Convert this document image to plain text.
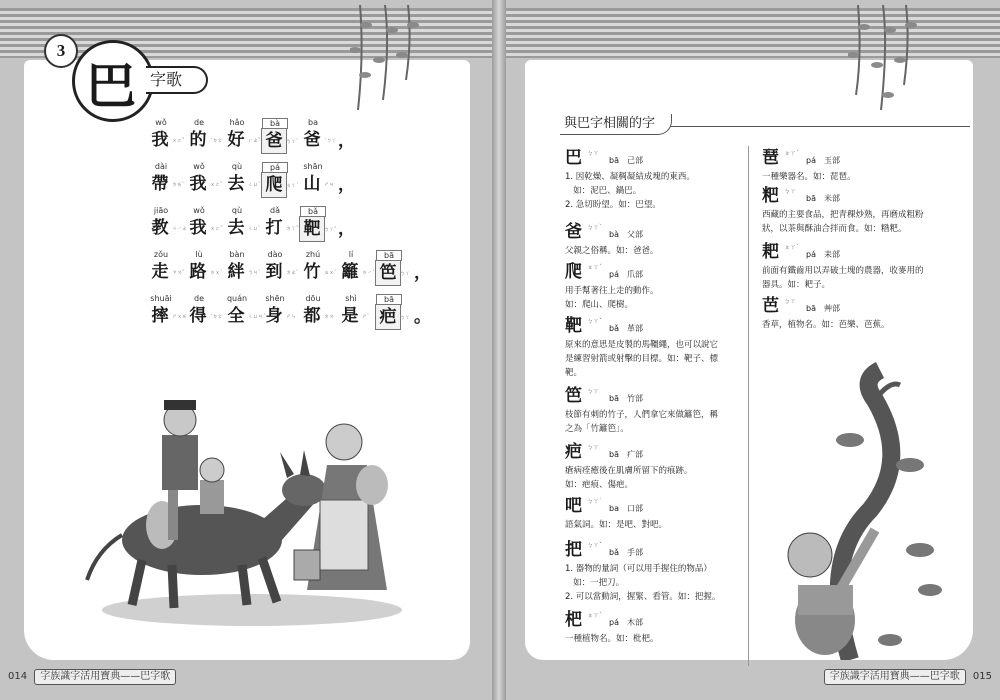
3
巴 字歌
wǒ
我 ㄨㄛˇ
de
的 ˙ㄉㄜ
hǎo
好 ㄏㄠˇ
bà
爸 ㄅㄚˋ
ba
爸 ˙ㄅㄚ，
dài
帶 ㄉㄞˋ
wǒ
我 ㄨㄛˇ
qù
去 ㄑㄩˋ
pá
爬 ㄆㄚˊ
shān
山 ㄕㄢ ，
jiāo
教 ㄐㄧㄠ
wǒ
我 ㄨㄛˇ
qù
去 ㄑㄩˋ
dǎ
打 ㄉㄚˇ
bǎ
靶 ㄅㄚˇ，
zǒu
走 ㄗㄡˇ
lù
路 ㄌㄨˋ
bàn
絆 ㄅㄢˋ
dào
到 ㄉㄠˋ
zhú
竹 ㄓㄨˊ
lí
籬 ㄌㄧˊ
bā
笆 ㄅㄚ ，
shuāi
摔 ㄕㄨㄞ
de
得 ˙ㄉㄜ
quán
全 ㄑㄩㄢˊ
shēn
身 ㄕㄣ
dōu
都 ㄉㄡ
shì
是 ㄕˋ
bā
疤 ㄅㄚ 。
與巴字相關的字
巴 ㄅㄚbā 己部
1. 因乾燥、凝稠凝結成塊的東西。
如：泥巴、鍋巴。
2. 急切盼望。如：巴望。
爸 ㄅㄚˋbà 父部
父親之俗稱。如：爸爸。
爬 ㄆㄚˊpá 爪部
用手幫著往上走的動作。
如：爬山、爬樹。
靶 ㄅㄚˇbǎ 革部
原來的意思是皮製的馬韁繩，也可以說它
是練習射箭或射擊的目標。如：靶子、標
靶。
笆 ㄅㄚbā 竹部
枝節有刺的竹子，人們拿它來做籬笆，稱
之為「竹籬笆」。
疤 ㄅㄚbā 疒部
瘡病痊癒後在肌膚所留下的痕跡。
如：疤痕、傷疤。
吧 ㄅㄚ˙ba 口部
語氣詞。如：是吧、對吧。
把 ㄅㄚˇbǎ 手部
1. 器物的量詞（可以用手握住的物品）
如：一把刀。
2. 可以當動詞，握緊、看管。如：把握。
杷 ㄆㄚˊpá 木部
一種植物名。如：枇杷。
琶 ㄆㄚˊpá 玉部
一種樂器名。如：琵琶。
粑 ㄅㄚbā 米部
西藏的主要食品，把青稞炒熟，再磨成粗粉
狀，以茶與酥油合拌而食。如：糌粑。
耙 ㄆㄚˊpá 耒部
前面有鐵齒用以弄破土塊的農器，收麥用的
器具。如：耙子。
芭 ㄅㄚbā 艸部
香草，植物名。如：芭樂、芭蕉。
014 字族識字活用寶典——巴字歌	字族識字活用寶典——巴字歌 015
